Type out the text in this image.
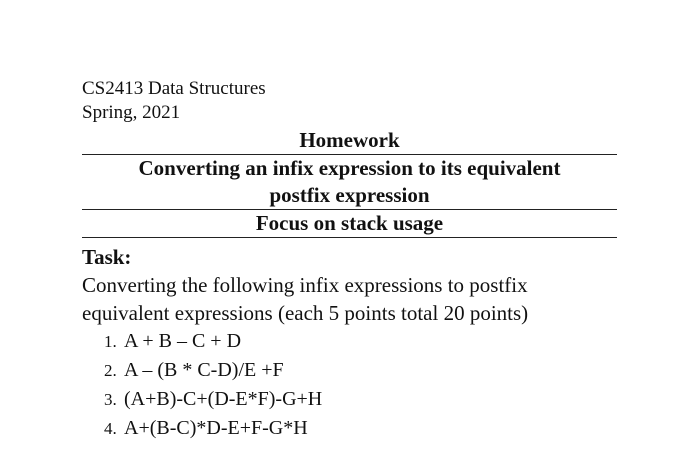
CS2413 Data Structures
Spring, 2021
Homework
Converting an infix expression to its equivalent
postfix expression
Focus on stack usage
Task:
Converting the following infix expressions to postfix
equivalent expressions (each 5 points total 20 points)
1. A + B – C + D
2. A – (B * C-D)/E +F
3. (A+B)-C+(D-E*F)-G+H
4. A+(B-C)*D-E+F-G*H
